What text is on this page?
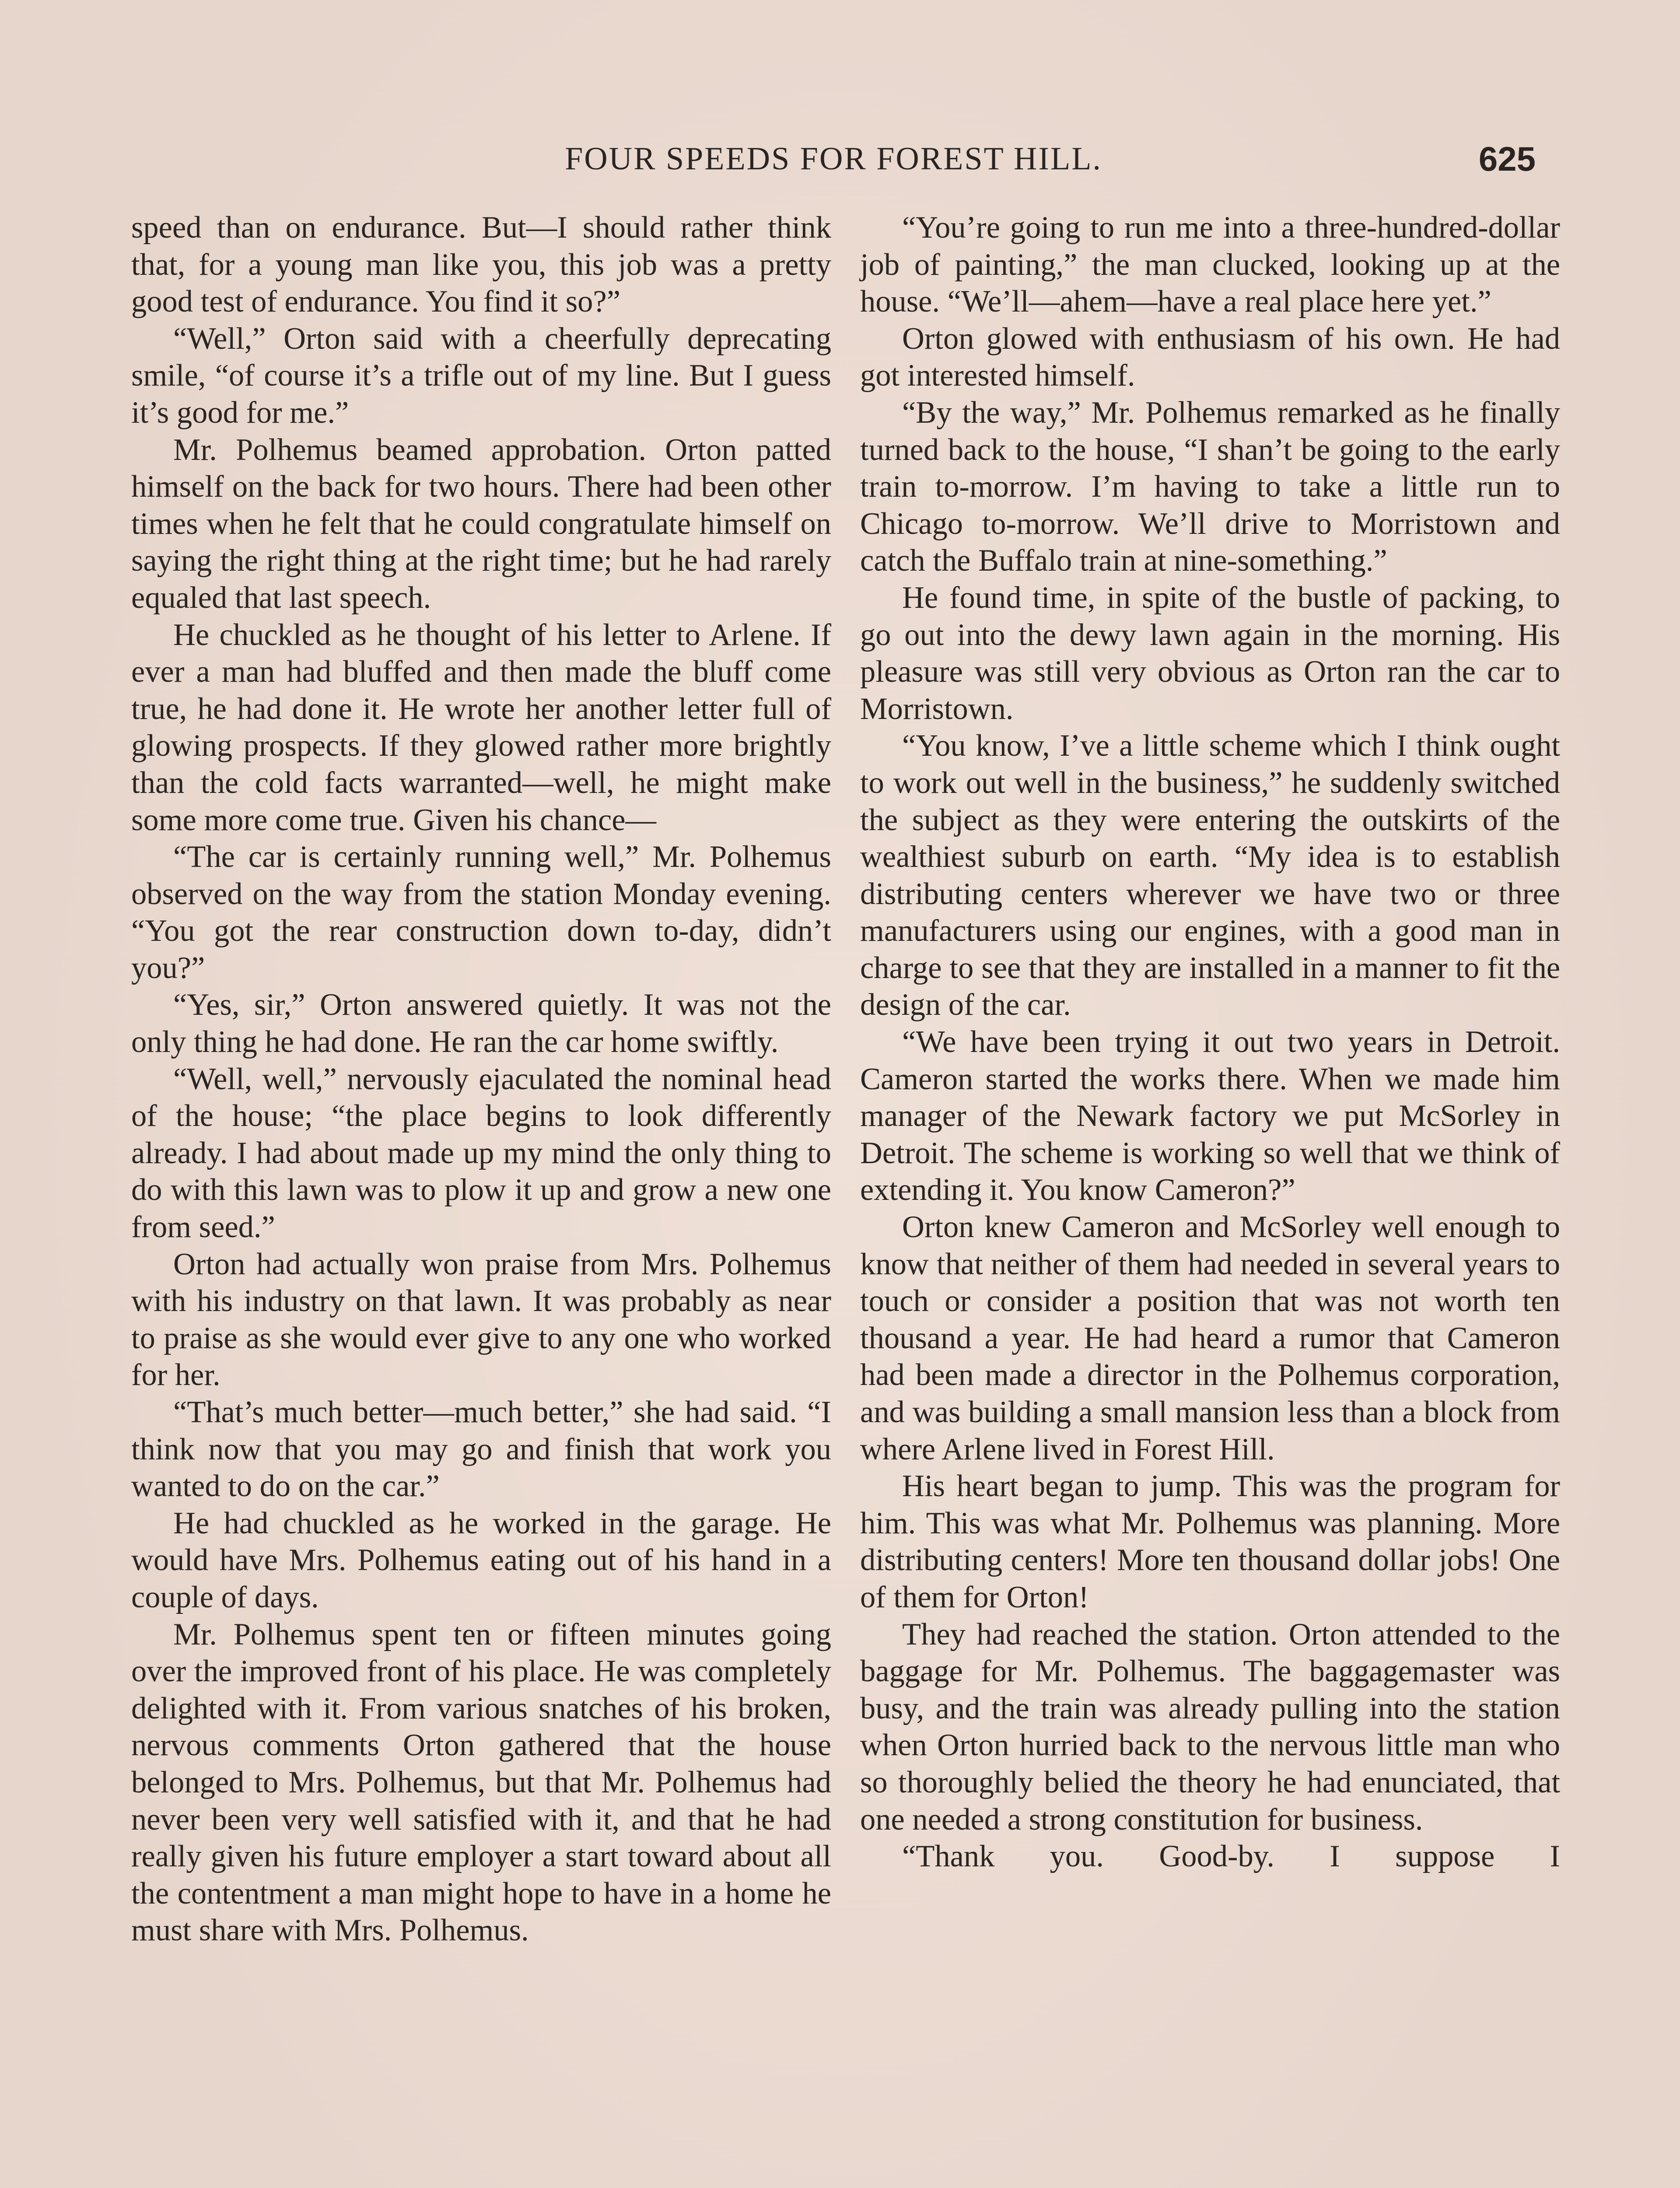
FOUR SPEEDS FOR FOREST HILL.	625

speed than on endurance. But—I should rather think that, for a young man like you, this job was a pretty good test of endurance. You find it so?”

“Well,” Orton said with a cheerfully deprecating smile, “of course it’s a trifle out of my line. But I guess it’s good for me.”

Mr. Polhemus beamed approbation. Orton patted himself on the back for two hours. There had been other times when he felt that he could congratulate himself on saying the right thing at the right time; but he had rarely equaled that last speech.

He chuckled as he thought of his letter to Arlene. If ever a man had bluffed and then made the bluff come true, he had done it. He wrote her another letter full of glowing prospects. If they glowed rather more brightly than the cold facts warranted—well, he might make some more come true. Given his chance—

“The car is certainly running well,” Mr. Polhemus observed on the way from the station Monday evening. “You got the rear construction down to-day, didn’t you?”

“Yes, sir,” Orton answered quietly. It was not the only thing he had done. He ran the car home swiftly.

“Well, well,” nervously ejaculated the nominal head of the house; “the place begins to look differently already. I had about made up my mind the only thing to do with this lawn was to plow it up and grow a new one from seed.”

Orton had actually won praise from Mrs. Polhemus with his industry on that lawn. It was probably as near to praise as she would ever give to any one who worked for her.

“That’s much better—much better,” she had said. “I think now that you may go and finish that work you wanted to do on the car.”

He had chuckled as he worked in the garage. He would have Mrs. Polhemus eating out of his hand in a couple of days.

Mr. Polhemus spent ten or fifteen minutes going over the improved front of his place. He was completely delighted with it. From various snatches of his broken, nervous comments Orton gathered that the house belonged to Mrs. Polhemus, but that Mr. Polhemus had never been very well satisfied with it, and that he had really given his future employer a start toward about all the contentment a man might hope to have in a home he must share with Mrs. Polhemus.

“You’re going to run me into a three-hundred-dollar job of painting,” the man clucked, looking up at the house. “We’ll—ahem—have a real place here yet.”

Orton glowed with enthusiasm of his own. He had got interested himself.

“By the way,” Mr. Polhemus remarked as he finally turned back to the house, “I shan’t be going to the early train to-morrow. I’m having to take a little run to Chicago to-morrow. We’ll drive to Morristown and catch the Buffalo train at nine-something.”

He found time, in spite of the bustle of packing, to go out into the dewy lawn again in the morning. His pleasure was still very obvious as Orton ran the car to Morristown.

“You know, I’ve a little scheme which I think ought to work out well in the business,” he suddenly switched the subject as they were entering the outskirts of the wealthiest suburb on earth. “My idea is to establish distributing centers wherever we have two or three manufacturers using our engines, with a good man in charge to see that they are installed in a manner to fit the design of the car.

“We have been trying it out two years in Detroit. Cameron started the works there. When we made him manager of the Newark factory we put McSorley in Detroit. The scheme is working so well that we think of extending it. You know Cameron?”

Orton knew Cameron and McSorley well enough to know that neither of them had needed in several years to touch or consider a position that was not worth ten thousand a year. He had heard a rumor that Cameron had been made a director in the Polhemus corporation, and was building a small mansion less than a block from where Arlene lived in Forest Hill.

His heart began to jump. This was the program for him. This was what Mr. Polhemus was planning. More distributing centers! More ten thousand dollar jobs! One of them for Orton!

They had reached the station. Orton attended to the baggage for Mr. Polhemus. The baggagemaster was busy, and the train was already pulling into the station when Orton hurried back to the nervous little man who so thoroughly belied the theory he had enunciated, that one needed a strong constitution for business.

“Thank you. Good-by. I suppose I
